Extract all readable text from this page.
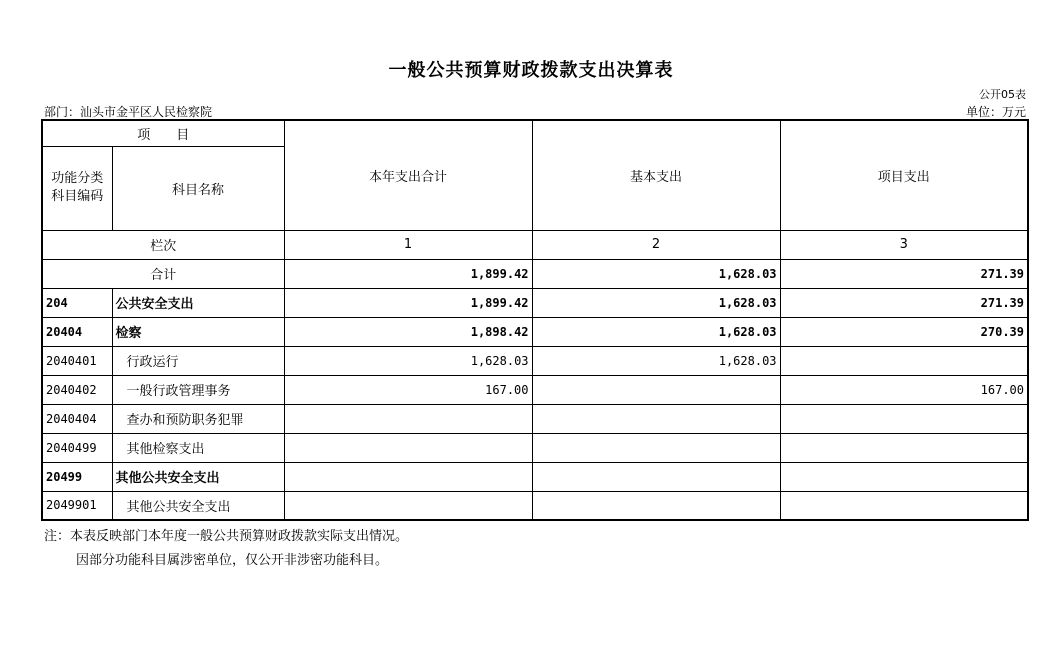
一般公共预算财政拨款支出决算表
公开05表
部门：汕头市金平区人民检察院	单位：万元
项　　目		本年支出合计	基本支出	项目支出
功能分类科目编码	科目名称			
栏次		1	2	3
合计		1,899.42	1,628.03	271.39
204	公共安全支出	1,899.42	1,628.03	271.39
20404	检察	1,898.42	1,628.03	270.39
2040401	行政运行	1,628.03	1,628.03	
2040402	一般行政管理事务	167.00		167.00
2040404	查办和预防职务犯罪			
2040499	其他检察支出			
20499	其他公共安全支出			
2049901	其他公共安全支出			
注：本表反映部门本年度一般公共预算财政拨款实际支出情况。
因部分功能科目属涉密单位，仅公开非涉密功能科目。
